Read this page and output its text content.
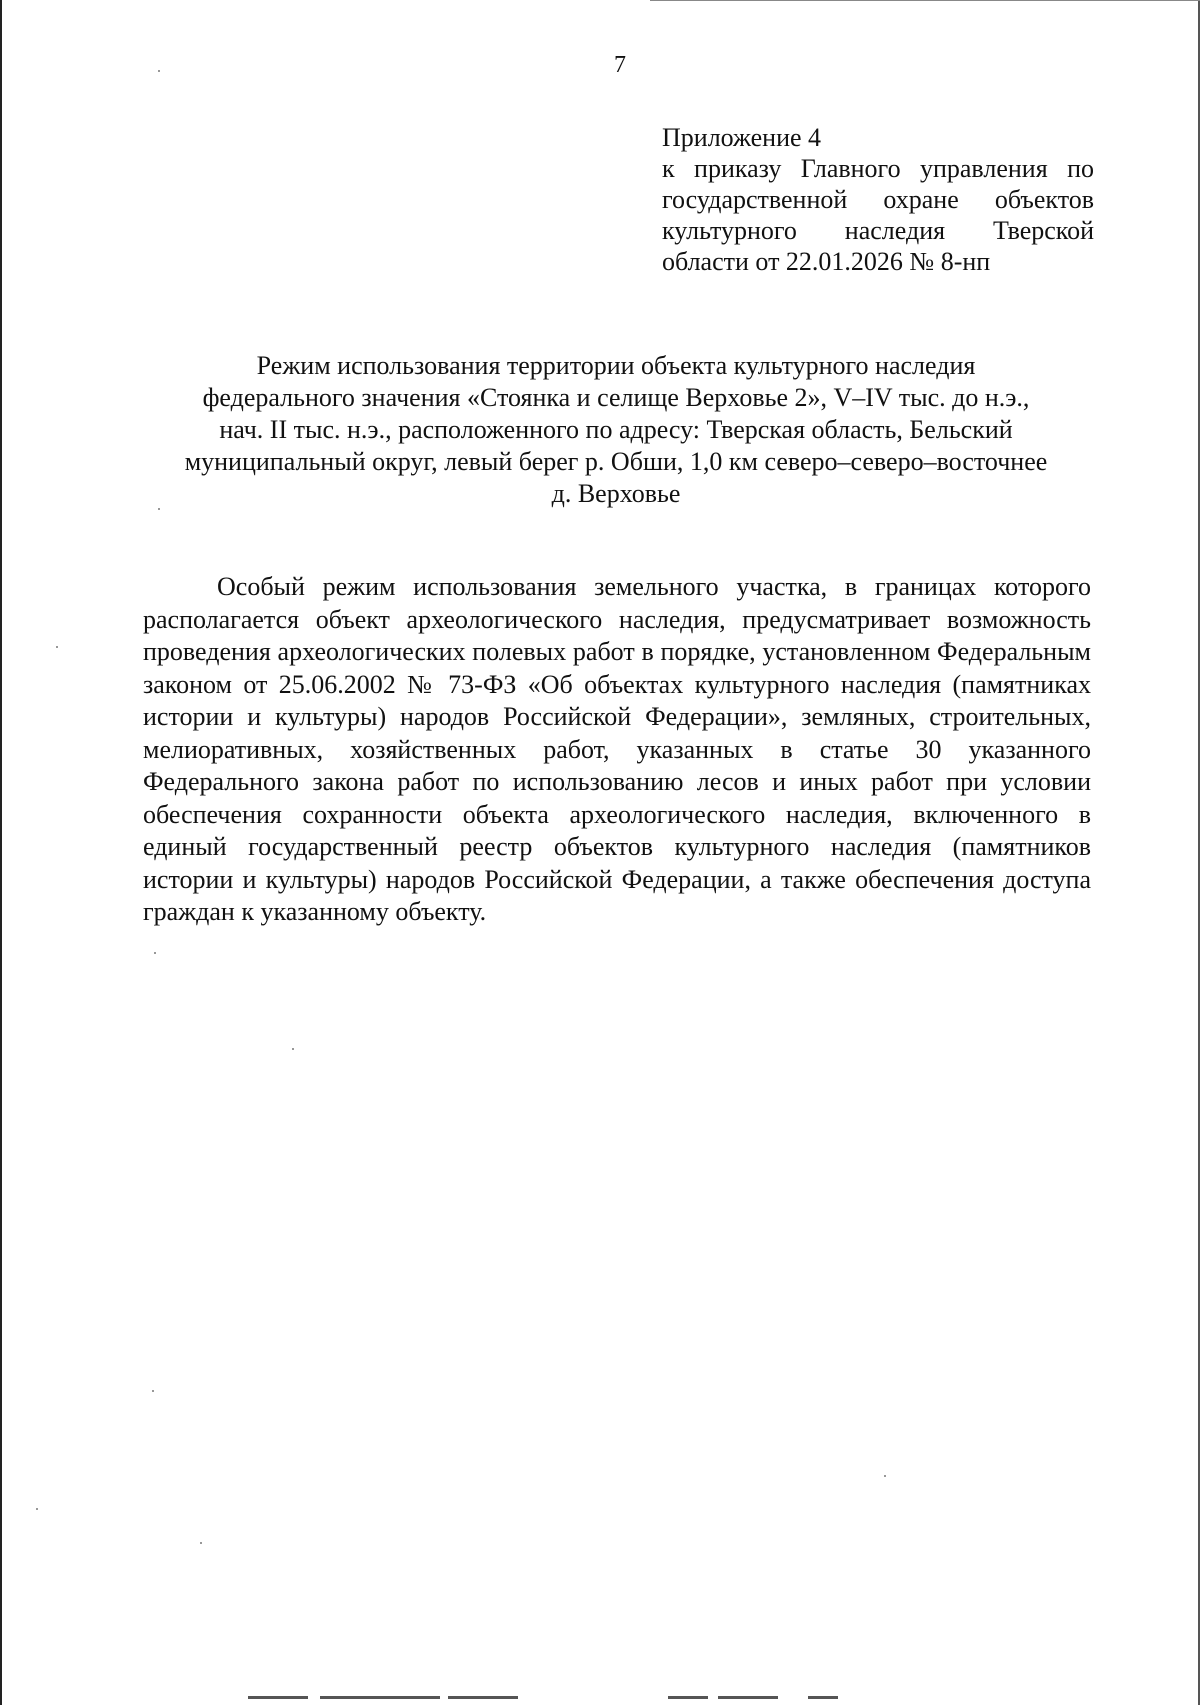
7
Приложение 4
к приказу Главного управления по государственной охране объектов культурного наследия Тверской области от 22.01.2026 № 8-нп
Режим использования территории объекта культурного наследия
федерального значения «Стоянка и селище Верховье 2», V–IV тыс. до н.э.,
нач. II тыс. н.э., расположенного по адресу: Тверская область, Бельский
муниципальный округ, левый берег р. Обши, 1,0 км северо–северо–восточнее
д. Верховье

Особый режим использования земельного участка, в границах которого располагается объект археологического наследия, предусматривает возможность проведения археологических полевых работ в порядке, установленном Федеральным законом от 25.06.2002 № 73-ФЗ «Об объектах культурного наследия (памятниках истории и культуры) народов Российской Федерации», земляных, строительных, мелиоративных, хозяйственных работ, указанных в статье 30 указанного Федерального закона работ по использованию лесов и иных работ при условии обеспечения сохранности объекта археологического наследия, включенного в единый государственный реестр объектов культурного наследия (памятников истории и культуры) народов Российской Федерации, а также обеспечения доступа граждан к указанному объекту.
